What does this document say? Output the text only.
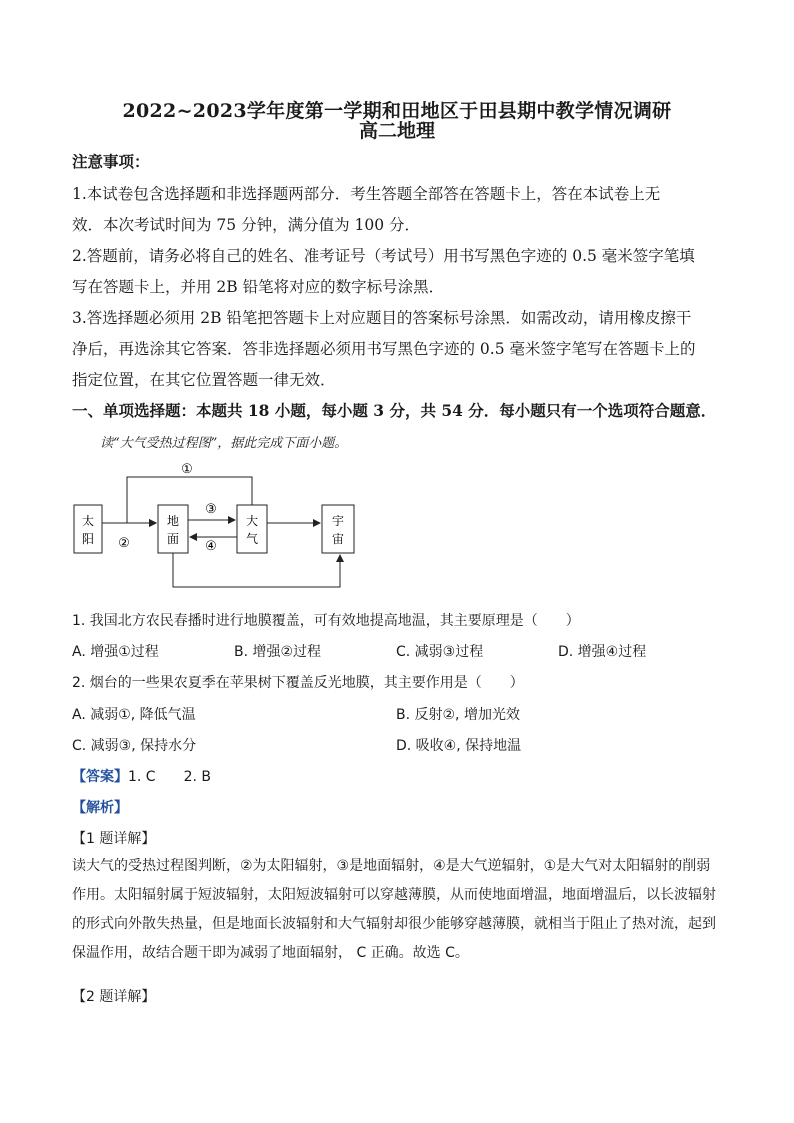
2022~2023学年度第一学期和田地区于田县期中教学情况调研
高二地理
注意事项：
1.本试卷包含选择题和非选择题两部分．考生答题全部答在答题卡上，答在本试卷上无
效．本次考试时间为 75 分钟，满分值为 100 分．
2.答题前，请务必将自己的姓名、准考证号（考试号）用书写黑色字迹的 0.5 毫米签字笔填
写在答题卡上，并用 2B 铅笔将对应的数字标号涂黑．
3.答选择题必须用 2B 铅笔把答题卡上对应题目的答案标号涂黑．如需改动，请用橡皮擦干
净后，再选涂其它答案．答非选择题必须用书写黑色字迹的 0.5 毫米签字笔写在答题卡上的
指定位置，在其它位置答题一律无效．
一、单项选择题：本题共 18 小题，每小题 3 分，共 54 分．每小题只有一个选项符合题意．
读“大气受热过程图”，据此完成下面小题。
太
阳
地
面
大
气
宇
宙
①
②
③
④
1. 我国北方农民春播时进行地膜覆盖，可有效地提高地温，其主要原理是（　　）
A. 增强①过程	B. 增强②过程	C. 减弱③过程	D. 增强④过程
2. 烟台的一些果农夏季在苹果树下覆盖反光地膜，其主要作用是（　　）
A. 减弱①, 降低气温	B. 反射②, 增加光效
C. 减弱③, 保持水分	D. 吸收④, 保持地温
【答案】1. C　　2. B
【解析】
【1 题详解】
读大气的受热过程图判断，②为太阳辐射，③是地面辐射，④是大气逆辐射，①是大气对太阳辐射的削弱作用。太阳辐射属于短波辐射，太阳短波辐射可以穿越薄膜，从而使地面增温，地面增温后，以长波辐射的形式向外散失热量，但是地面长波辐射和大气辐射却很少能够穿越薄膜，就相当于阻止了热对流，起到保温作用，故结合题干即为减弱了地面辐射， C 正确。故选 C。
【2 题详解】
